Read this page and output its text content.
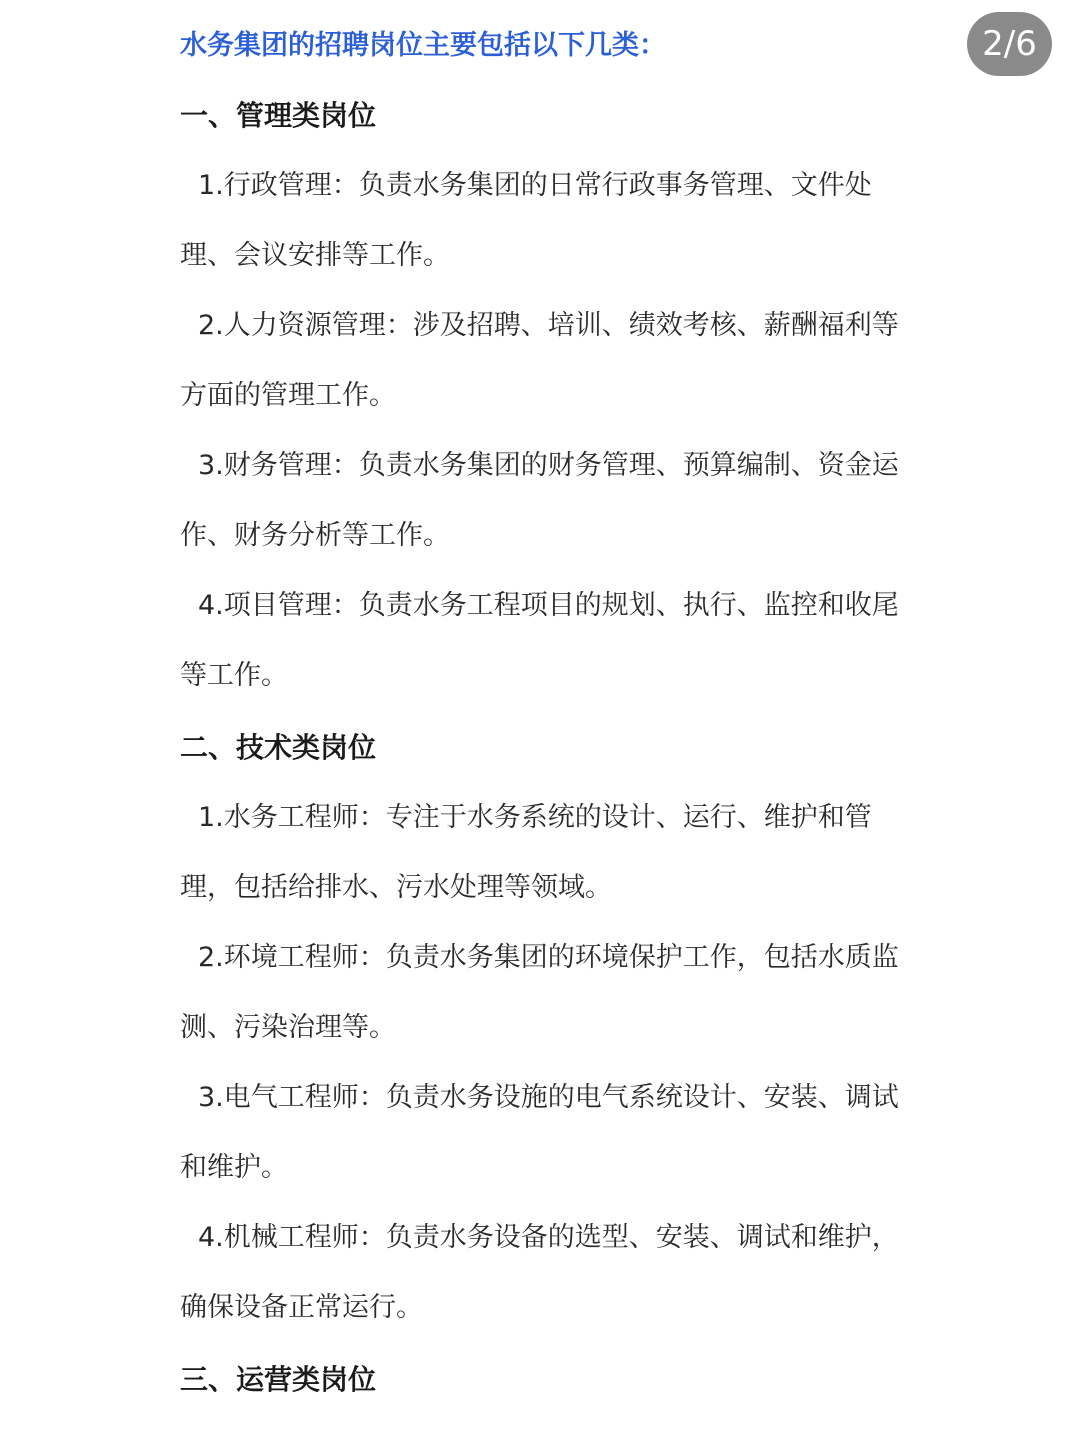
2/6
水务集团的招聘岗位主要包括以下几类：
一、管理类岗位
1.行政管理：负责水务集团的日常行政事务管理、文件处理、会议安排等工作。
2.人力资源管理：涉及招聘、培训、绩效考核、薪酬福利等方面的管理工作。
3.财务管理：负责水务集团的财务管理、预算编制、资金运作、财务分析等工作。
4.项目管理：负责水务工程项目的规划、执行、监控和收尾等工作。
二、技术类岗位
1.水务工程师：专注于水务系统的设计、运行、维护和管理，包括给排水、污水处理等领域。
2.环境工程师：负责水务集团的环境保护工作，包括水质监测、污染治理等。
3.电气工程师：负责水务设施的电气系统设计、安装、调试和维护。
4.机械工程师：负责水务设备的选型、安装、调试和维护，确保设备正常运行。
三、运营类岗位
